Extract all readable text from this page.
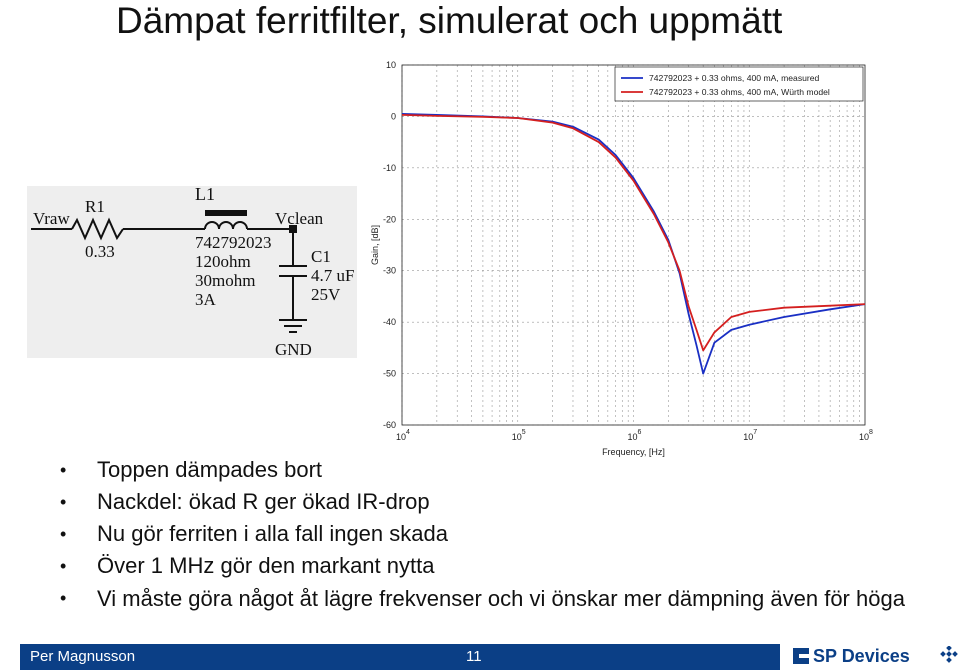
Dämpat ferritfilter, simulerat och uppmätt
Vraw
R1
0.33
L1
742792023
120ohm
30mohm
3A
Vclean
C1
4.7 uF
25V
GND
10
0
-10
-20
-30
-40
-50
-60
10 4	10 5	10 6	10 7	10 8
Frequency, [Hz]
Gain, [dB]
742792023 + 0.33 ohms, 400 mA, measured
742792023 + 0.33 ohms, 400 mA, Würth model
• Toppen dämpades bort
• Nackdel: ökad R ger ökad IR-drop
• Nu gör ferriten i alla fall ingen skada
• Över 1 MHz gör den markant nytta
• Vi måste göra något åt lägre frekvenser och vi önskar mer dämpning även för höga
Per Magnusson	11	SP Devices
